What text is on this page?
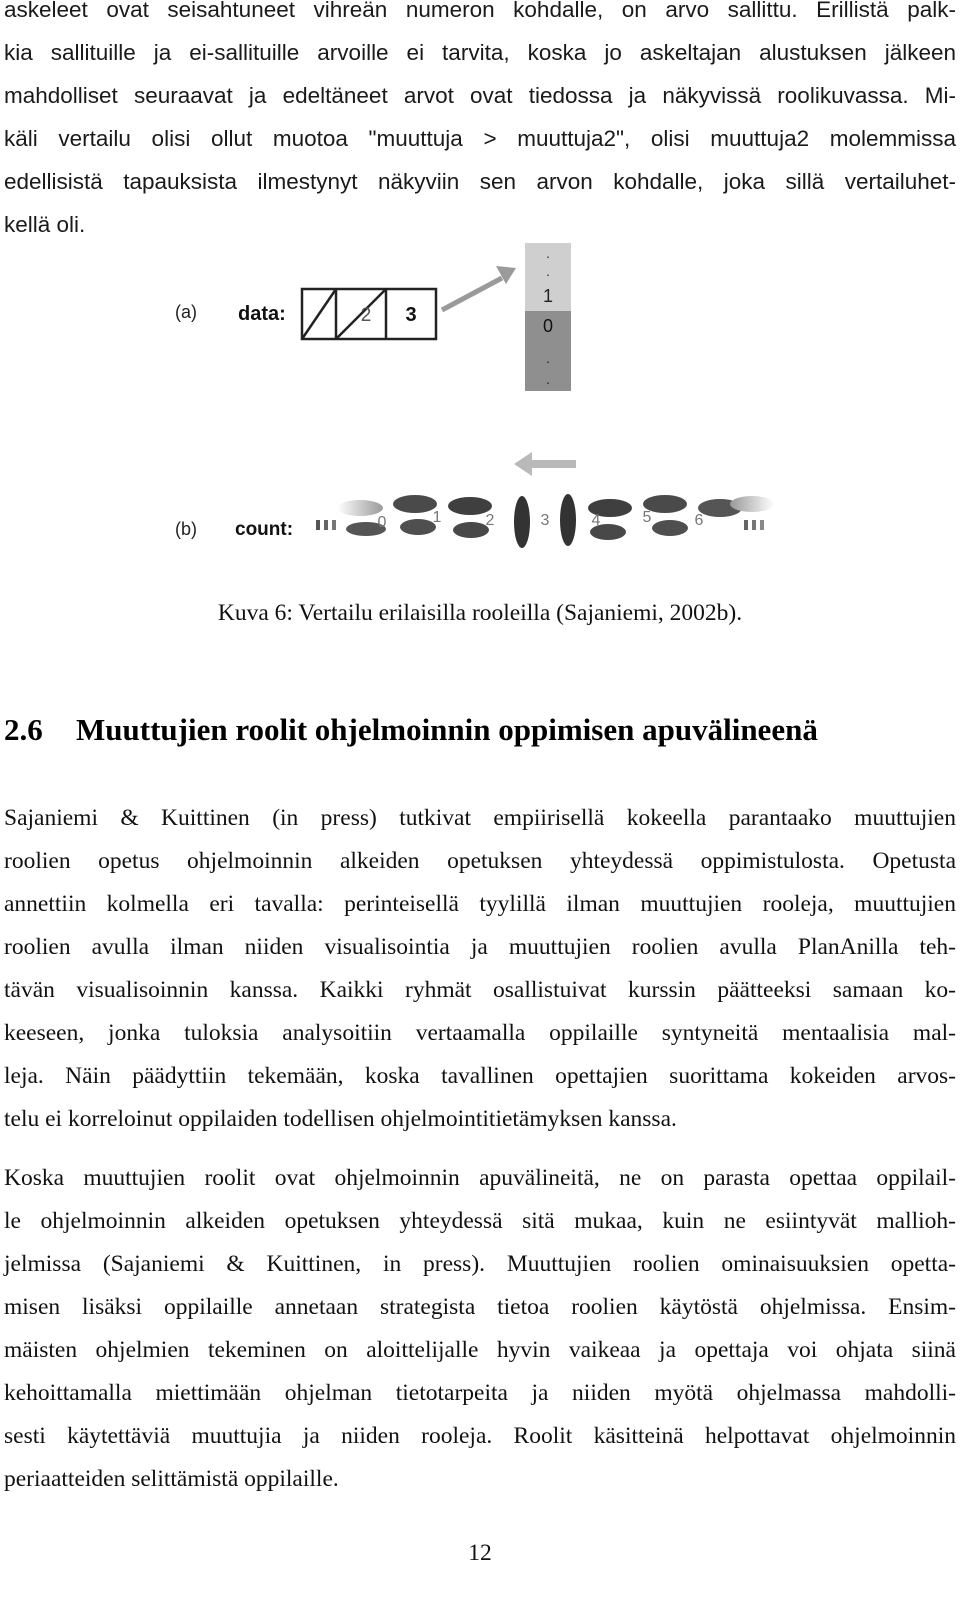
askeleet ovat seisahtuneet vihreän numeron kohdalle, on arvo sallittu. Erillistä palk-
kia sallituille ja ei-sallituille arvoille ei tarvita, koska jo askeltajan alustuksen jälkeen
mahdolliset seuraavat ja edeltäneet arvot ovat tiedossa ja näkyvissä roolikuvassa. Mi-
käli vertailu olisi ollut muotoa "muuttuja > muuttuja2", olisi muuttuja2 molemmissa
edellisistä tapauksista ilmestynyt näkyviin sen arvon kohdalle, joka sillä vertailuhet-
kellä oli.
(a) data:	2 3
.
.
1
0
.
.
(b) count:	0	1	2	3	4	5	6
Kuva 6: Vertailu erilaisilla rooleilla (Sajaniemi, 2002b).
2.6 Muuttujien roolit ohjelmoinnin oppimisen apuvälineenä
Sajaniemi & Kuittinen (in press) tutkivat empiirisellä kokeella parantaako muuttujien
roolien opetus ohjelmoinnin alkeiden opetuksen yhteydessä oppimistulosta. Opetusta
annettiin kolmella eri tavalla: perinteisellä tyylillä ilman muuttujien rooleja, muuttujien
roolien avulla ilman niiden visualisointia ja muuttujien roolien avulla PlanAnilla teh-
tävän visualisoinnin kanssa. Kaikki ryhmät osallistuivat kurssin päätteeksi samaan ko-
keeseen, jonka tuloksia analysoitiin vertaamalla oppilaille syntyneitä mentaalisia mal-
leja. Näin päädyttiin tekemään, koska tavallinen opettajien suorittama kokeiden arvos-
telu ei korreloinut oppilaiden todellisen ohjelmointitietämyksen kanssa.
Koska muuttujien roolit ovat ohjelmoinnin apuvälineitä, ne on parasta opettaa oppilail-
le ohjelmoinnin alkeiden opetuksen yhteydessä sitä mukaa, kuin ne esiintyvät mallioh-
jelmissa (Sajaniemi & Kuittinen, in press). Muuttujien roolien ominaisuuksien opetta-
misen lisäksi oppilaille annetaan strategista tietoa roolien käytöstä ohjelmissa. Ensim-
mäisten ohjelmien tekeminen on aloittelijalle hyvin vaikeaa ja opettaja voi ohjata siinä
kehoittamalla miettimään ohjelman tietotarpeita ja niiden myötä ohjelmassa mahdolli-
sesti käytettäviä muuttujia ja niiden rooleja. Roolit käsitteinä helpottavat ohjelmoinnin
periaatteiden selittämistä oppilaille.
12
